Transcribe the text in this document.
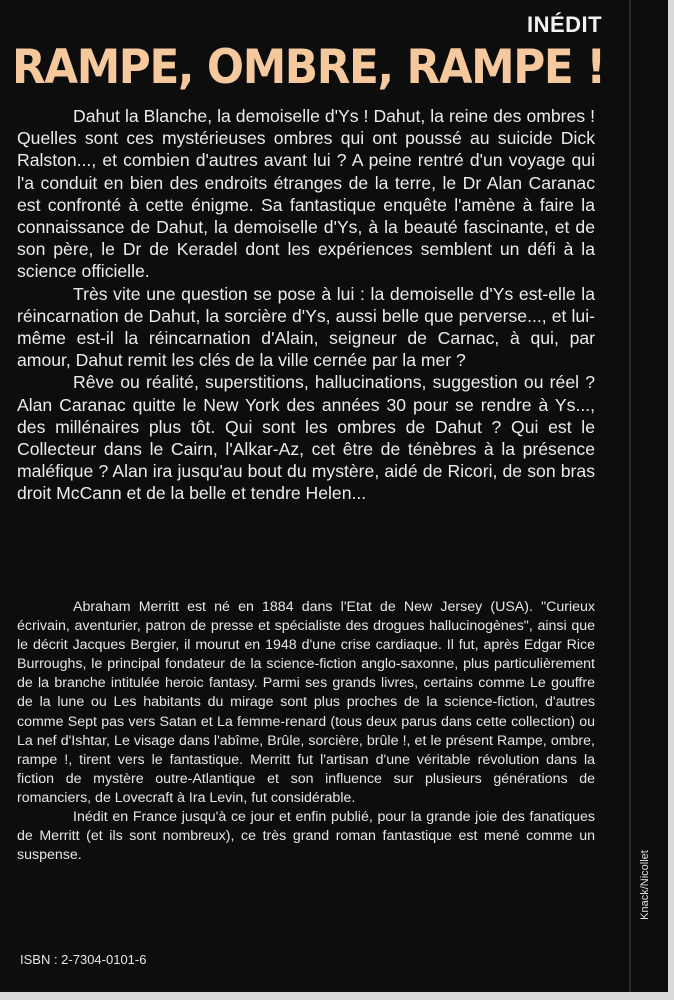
INÉDIT
RAMPE, OMBRE, RAMPE !

Dahut la Blanche, la demoiselle d'Ys ! Dahut, la reine des ombres ! Quelles sont ces mystérieuses ombres qui ont poussé au suicide Dick Ralston..., et combien d'autres avant lui ? A peine rentré d'un voyage qui l'a conduit en bien des endroits étranges de la terre, le Dr Alan Caranac est confronté à cette énigme. Sa fantastique enquête l'amène à faire la connaissance de Dahut, la demoiselle d'Ys, à la beauté fascinante, et de son père, le Dr de Keradel dont les expériences semblent un défi à la science officielle.

Très vite une question se pose à lui : la demoiselle d'Ys est-elle la réincarnation de Dahut, la sorcière d'Ys, aussi belle que perverse..., et lui-même est-il la réincarnation d'Alain, seigneur de Carnac, à qui, par amour, Dahut remit les clés de la ville cernée par la mer ?

Rêve ou réalité, superstitions, hallucinations, suggestion ou réel ? Alan Caranac quitte le New York des années 30 pour se rendre à Ys..., des millénaires plus tôt. Qui sont les ombres de Dahut ? Qui est le Collecteur dans le Cairn, l'Alkar-Az, cet être de ténèbres à la présence maléfique ? Alan ira jusqu'au bout du mystère, aidé de Ricori, de son bras droit McCann et de la belle et tendre Helen...

Abraham Merritt est né en 1884 dans l'Etat de New Jersey (USA). "Curieux écrivain, aventurier, patron de presse et spécialiste des drogues hallucinogènes", ainsi que le décrit Jacques Bergier, il mourut en 1948 d'une crise cardiaque. Il fut, après Edgar Rice Burroughs, le principal fondateur de la science-fiction anglo-saxonne, plus particulièrement de la branche intitulée heroic fantasy. Parmi ses grands livres, certains comme Le gouffre de la lune ou Les habitants du mirage sont plus proches de la science-fiction, d'autres comme Sept pas vers Satan et La femme-renard (tous deux parus dans cette collection) ou La nef d'Ishtar, Le visage dans l'abîme, Brûle, sorcière, brûle !, et le présent Rampe, ombre, rampe !, tirent vers le fantastique. Merritt fut l'artisan d'une véritable révolution dans la fiction de mystère outre-Atlantique et son influence sur plusieurs générations de romanciers, de Lovecraft à Ira Levin, fut considérable.

Inédit en France jusqu'à ce jour et enfin publié, pour la grande joie des fanatiques de Merritt (et ils sont nombreux), ce très grand roman fantastique est mené comme un suspense.

ISBN : 2-7304-0101-6
Knack/Nicollet
